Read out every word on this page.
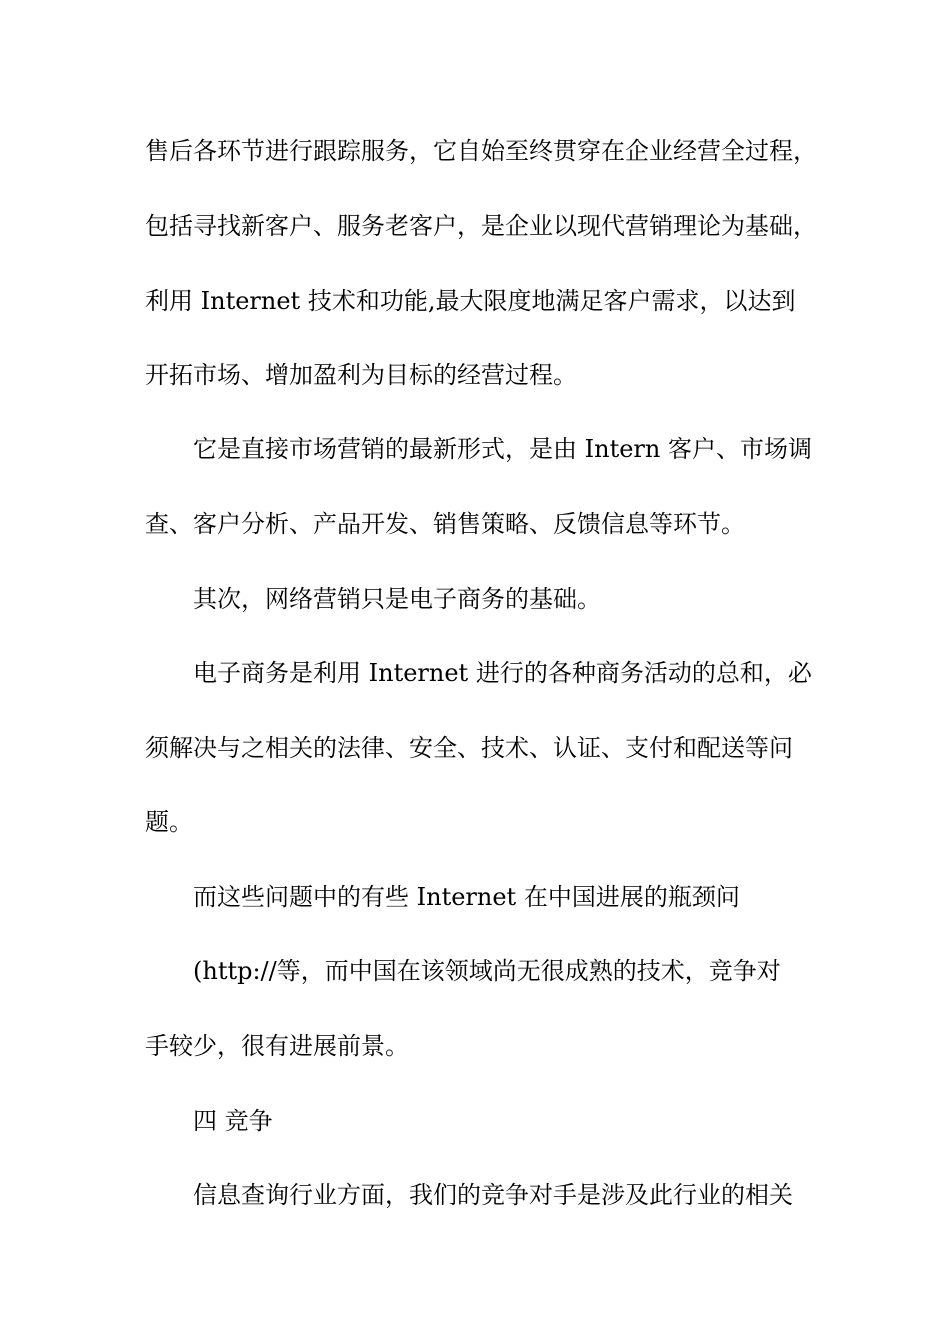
售后各环节进行跟踪服务，它自始至终贯穿在企业经营全过程，
包括寻找新客户、服务老客户，是企业以现代营销理论为基础，
利用 Internet 技术和功能,最大限度地满足客户需求，以达到
开拓市场、增加盈利为目标的经营过程。
它是直接市场营销的最新形式，是由 Intern 客户、市场调
查、客户分析、产品开发、销售策略、反馈信息等环节。
其次，网络营销只是电子商务的基础。
电子商务是利用 Internet 进行的各种商务活动的总和，必
须解决与之相关的法律、安全、技术、认证、支付和配送等问
题。
而这些问题中的有些 Internet 在中国进展的瓶颈问
(http://等，而中国在该领域尚无很成熟的技术，竞争对
手较少，很有进展前景。
四 竞争
信息查询行业方面，我们的竞争对手是涉及此行业的相关
